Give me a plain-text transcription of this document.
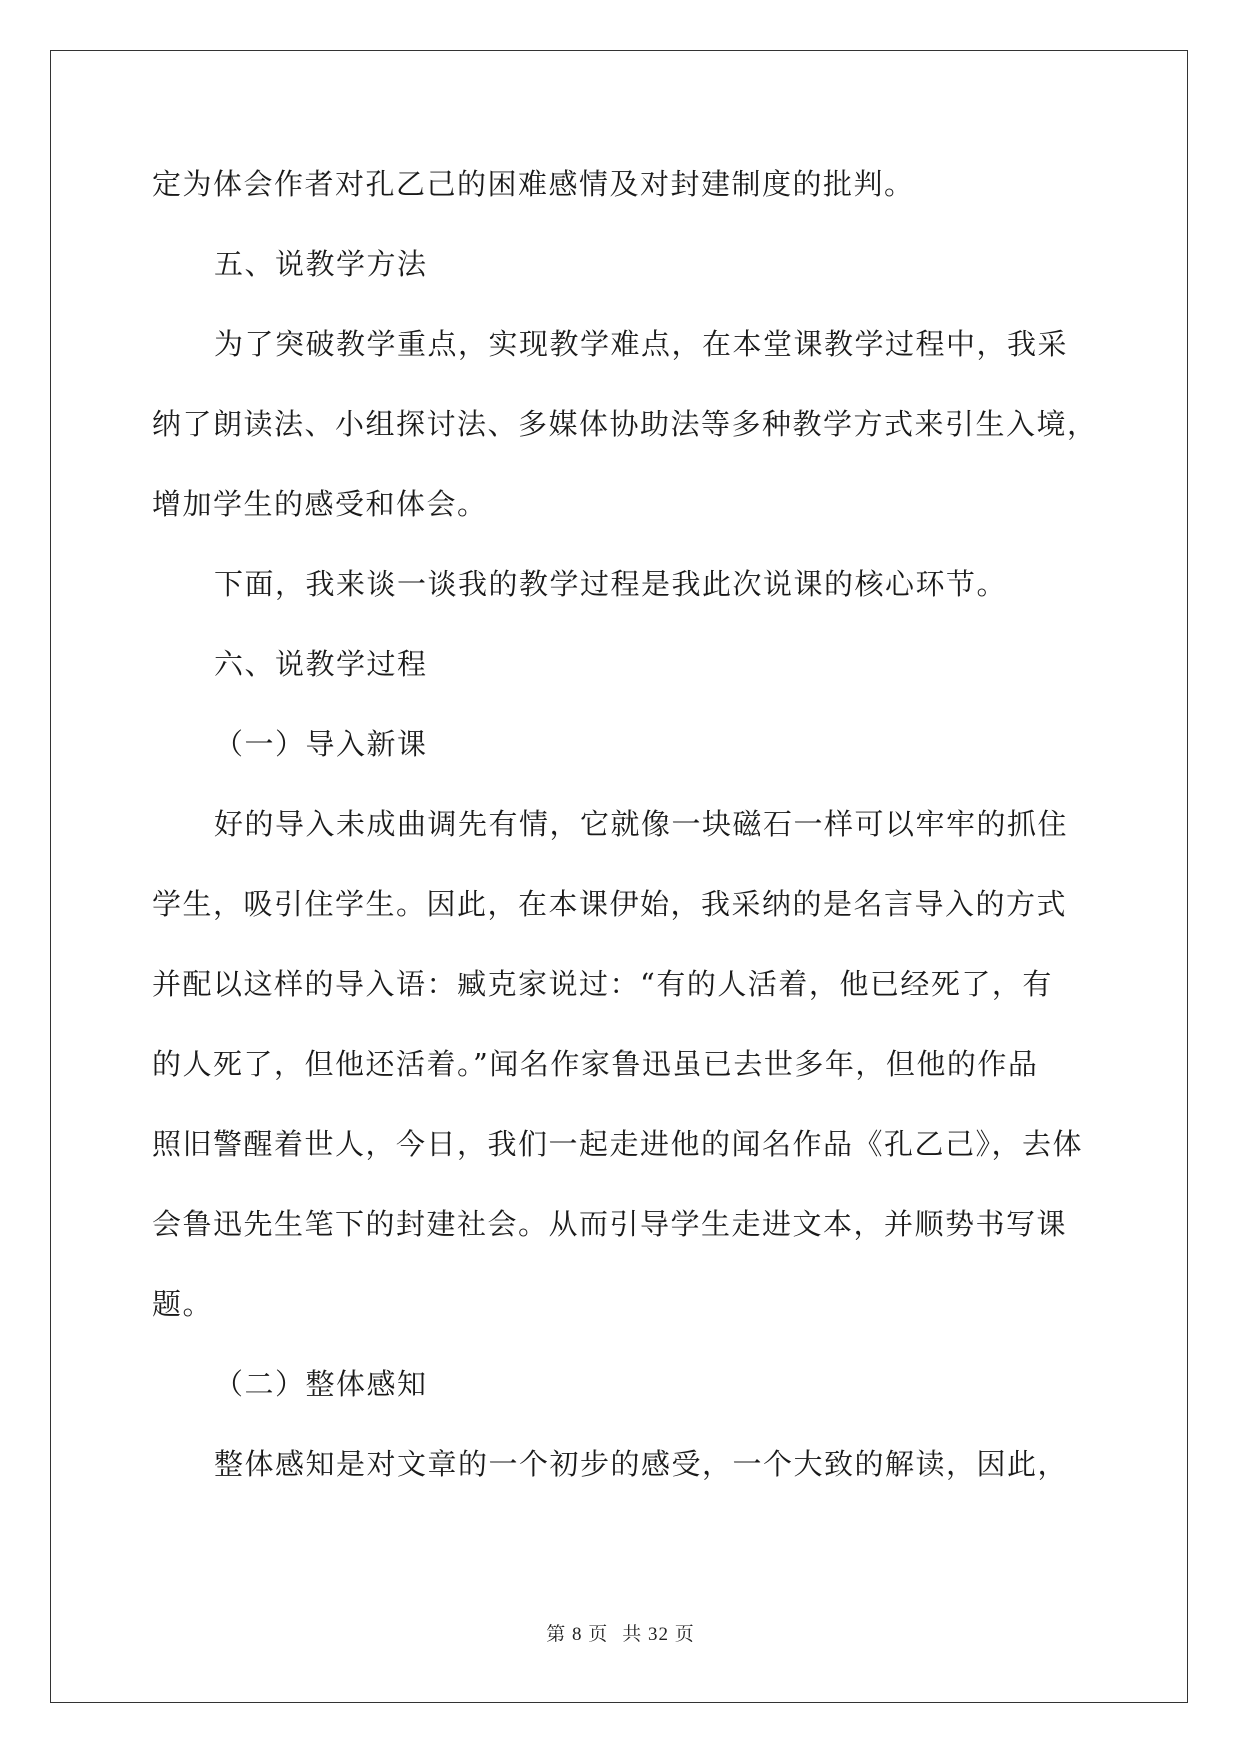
定为体会作者对孔乙己的困难感情及对封建制度的批判。
五、说教学方法
为了突破教学重点，实现教学难点，在本堂课教学过程中，我采
纳了朗读法、小组探讨法、多媒体协助法等多种教学方式来引生入境，
增加学生的感受和体会。
下面，我来谈一谈我的教学过程是我此次说课的核心环节。
六、说教学过程
（一）导入新课
好的导入未成曲调先有情，它就像一块磁石一样可以牢牢的抓住
学生，吸引住学生。因此，在本课伊始，我采纳的是名言导入的方式
并配以这样的导入语：臧克家说过：“有的人活着，他已经死了，有
的人死了，但他还活着。”闻名作家鲁迅虽已去世多年，但他的作品
照旧警醒着世人，今日，我们一起走进他的闻名作品《孔乙己》，去体
会鲁迅先生笔下的封建社会。从而引导学生走进文本，并顺势书写课
题。
（二）整体感知
整体感知是对文章的一个初步的感受，一个大致的解读，因此，
第 8 页 共 32 页
